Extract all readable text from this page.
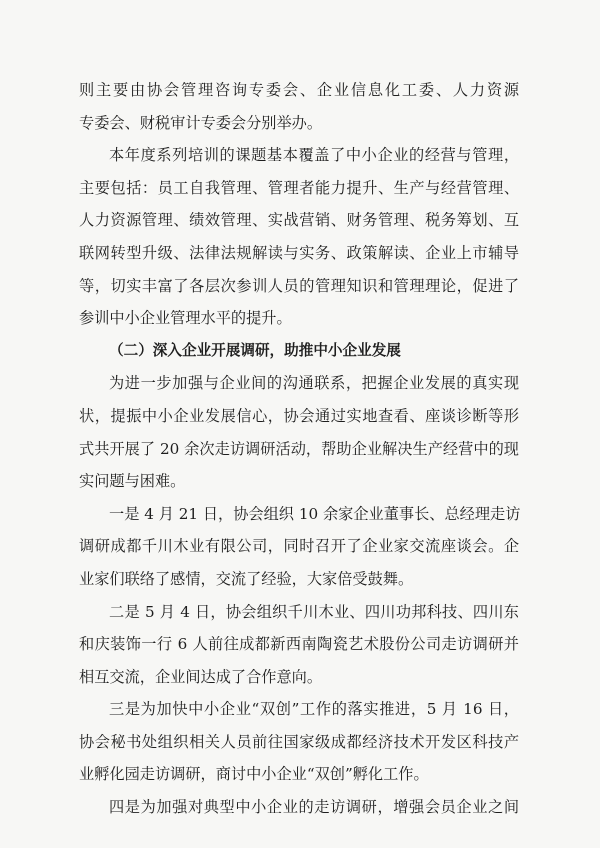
则主要由协会管理咨询专委会、企业信息化工委、人力资源
专委会、财税审计专委会分别举办。
本年度系列培训的课题基本覆盖了中小企业的经营与管理，
主要包括：员工自我管理、管理者能力提升、生产与经营管理、
人力资源管理、绩效管理、实战营销、财务管理、税务筹划、互
联网转型升级、法律法规解读与实务、政策解读、企业上市辅导
等，切实丰富了各层次参训人员的管理知识和管理理论，促进了
参训中小企业管理水平的提升。
（二）深入企业开展调研，助推中小企业发展
为进一步加强与企业间的沟通联系，把握企业发展的真实现
状，提振中小企业发展信心，协会通过实地查看、座谈诊断等形
式共开展了 20 余次走访调研活动，帮助企业解决生产经营中的现
实问题与困难。
一是 4 月 21 日，协会组织 10 余家企业董事长、总经理走访
调研成都千川木业有限公司，同时召开了企业家交流座谈会。企
业家们联络了感情，交流了经验，大家倍受鼓舞。
二是 5 月 4 日，协会组织千川木业、四川功邦科技、四川东
和庆装饰一行 6 人前往成都新西南陶瓷艺术股份公司走访调研并
相互交流，企业间达成了合作意向。
三是为加快中小企业“双创”工作的落实推进，5 月 16 日，
协会秘书处组织相关人员前往国家级成都经济技术开发区科技产
业孵化园走访调研，商讨中小企业“双创”孵化工作。
四是为加强对典型中小企业的走访调研，增强会员企业之间
